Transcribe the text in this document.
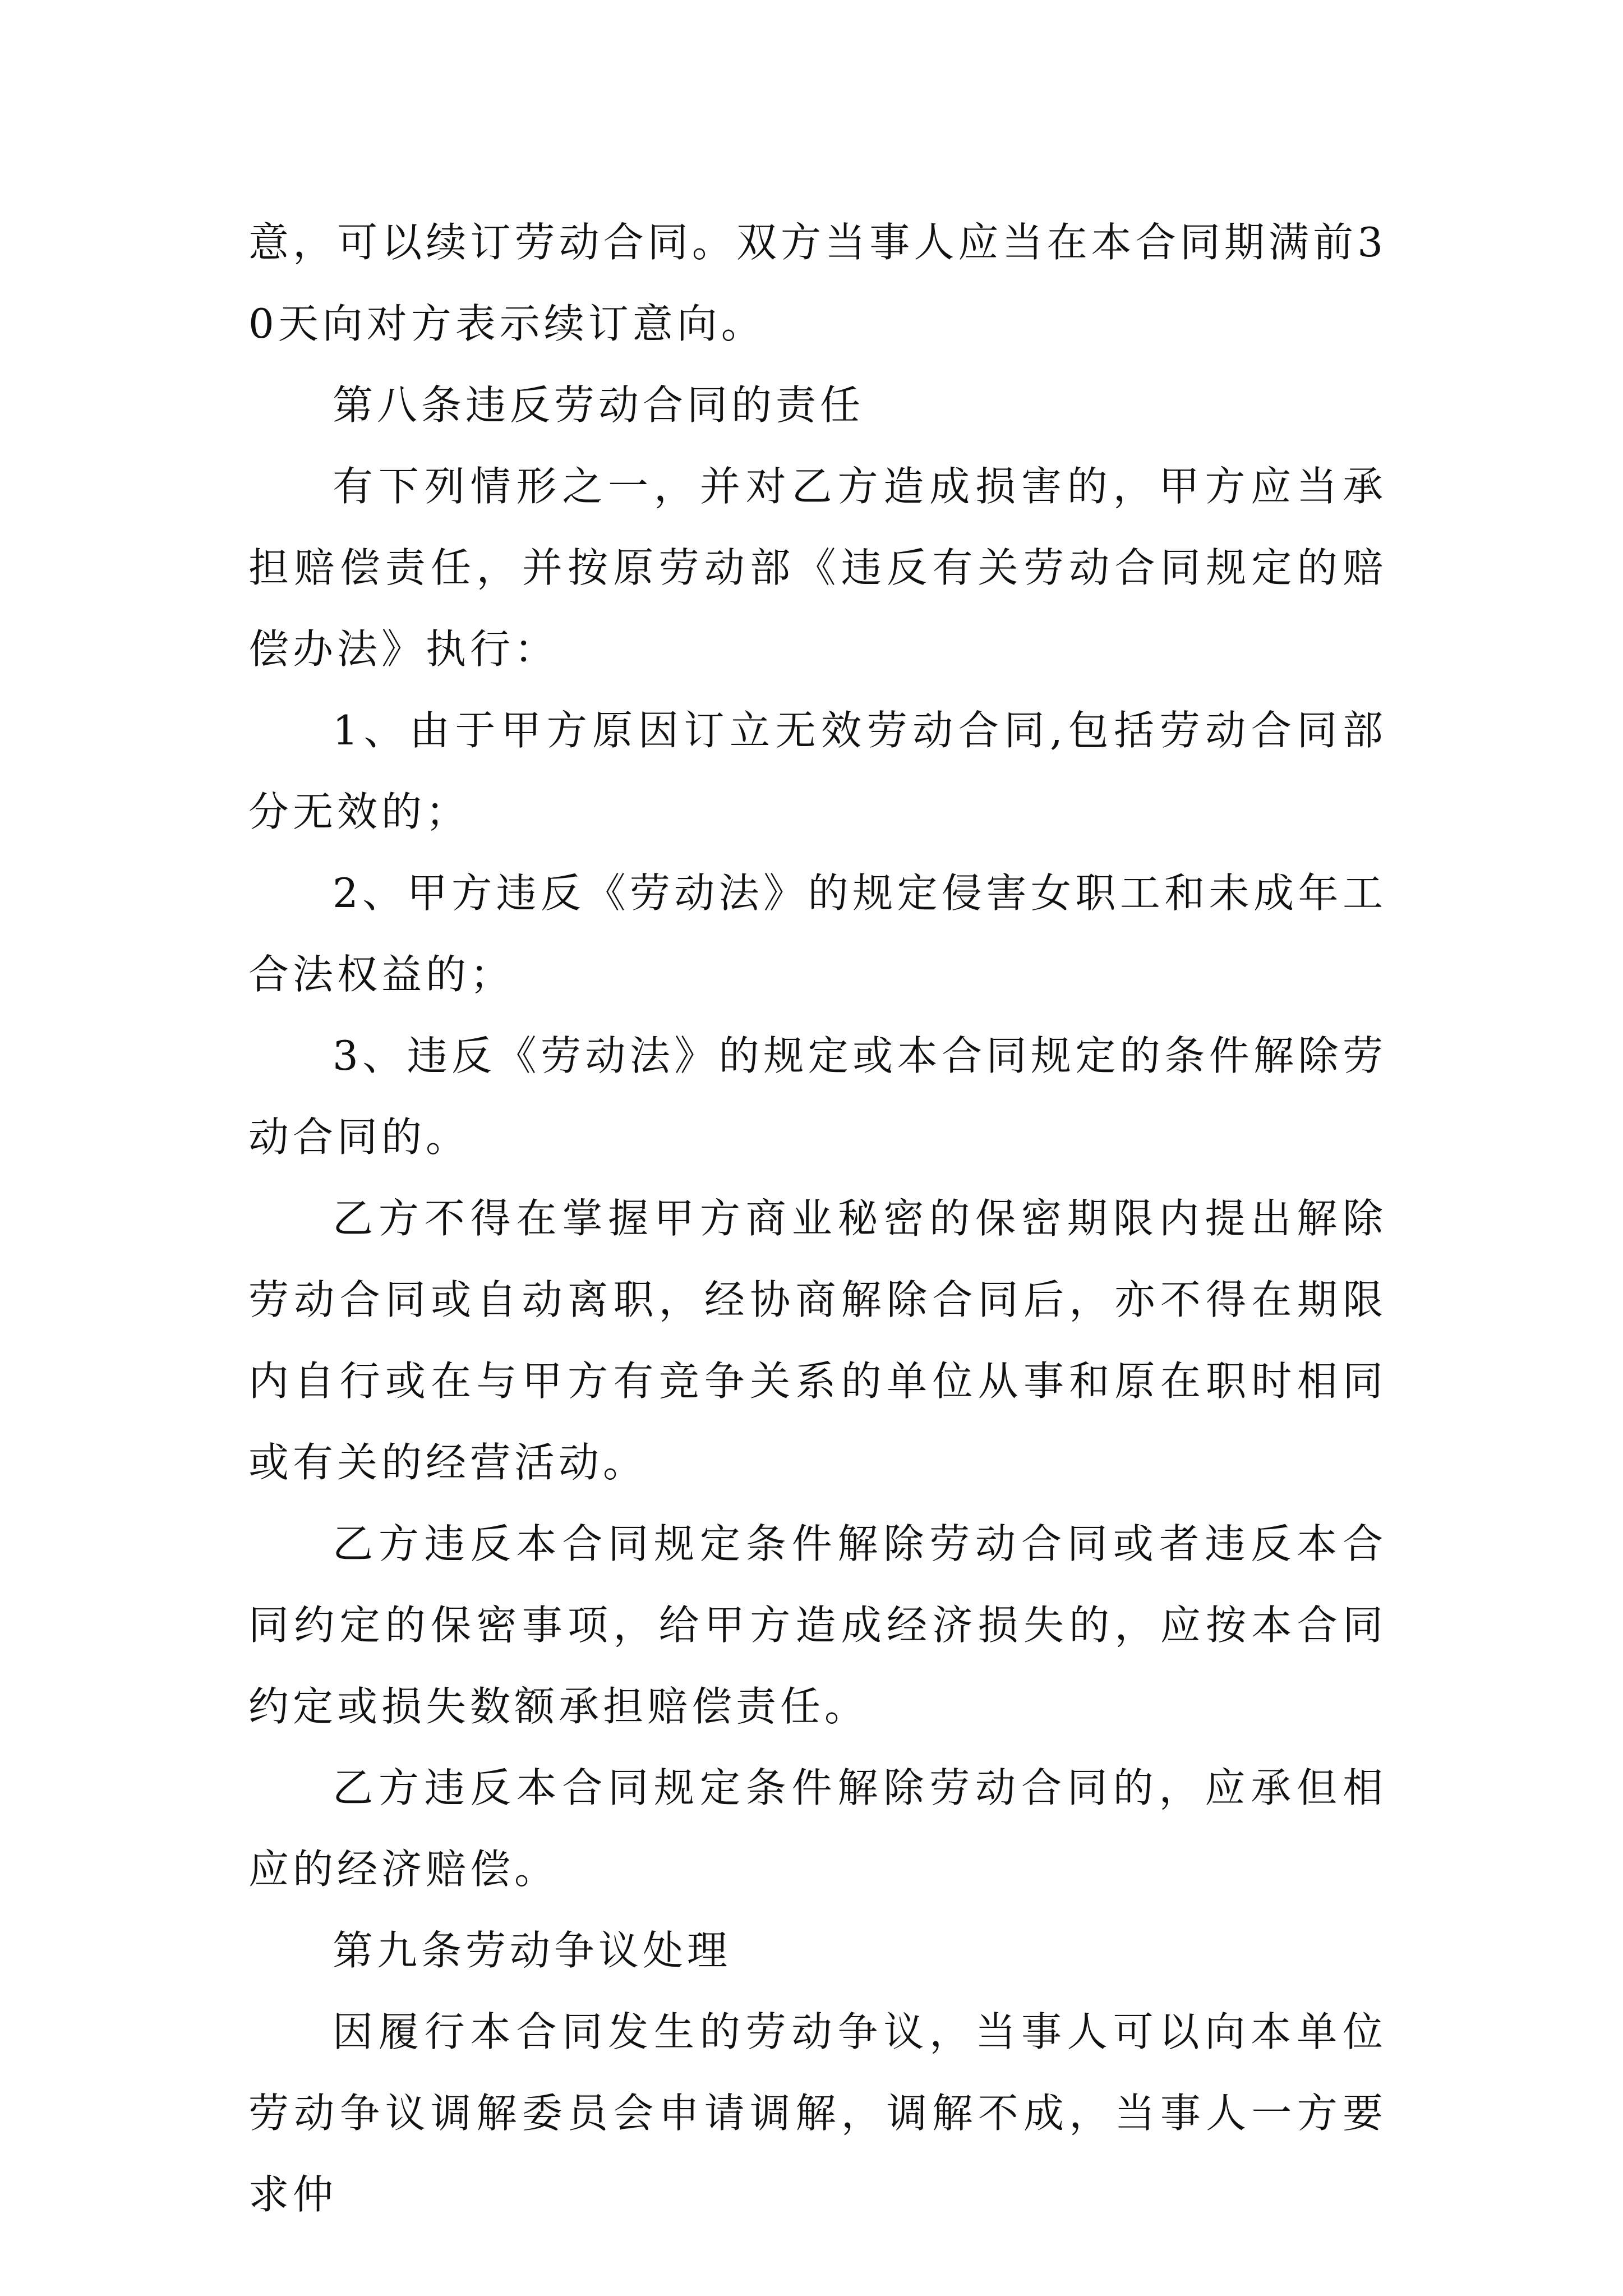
意，可以续订劳动合同。双方当事人应当在本合同期满前30天向对方表示续订意向。

第八条违反劳动合同的责任

有下列情形之一，并对乙方造成损害的，甲方应当承担赔偿责任，并按原劳动部《违反有关劳动合同规定的赔偿办法》执行：

1、由于甲方原因订立无效劳动合同,包括劳动合同部分无效的；

2、甲方违反《劳动法》的规定侵害女职工和未成年工合法权益的；

3、违反《劳动法》的规定或本合同规定的条件解除劳动合同的。

乙方不得在掌握甲方商业秘密的保密期限内提出解除劳动合同或自动离职，经协商解除合同后，亦不得在期限内自行或在与甲方有竞争关系的单位从事和原在职时相同或有关的经营活动。

乙方违反本合同规定条件解除劳动合同或者违反本合同约定的保密事项，给甲方造成经济损失的，应按本合同约定或损失数额承担赔偿责任。

乙方违反本合同规定条件解除劳动合同的，应承但相应的经济赔偿。

第九条劳动争议处理

因履行本合同发生的劳动争议，当事人可以向本单位劳动争议调解委员会申请调解，调解不成，当事人一方要求仲
